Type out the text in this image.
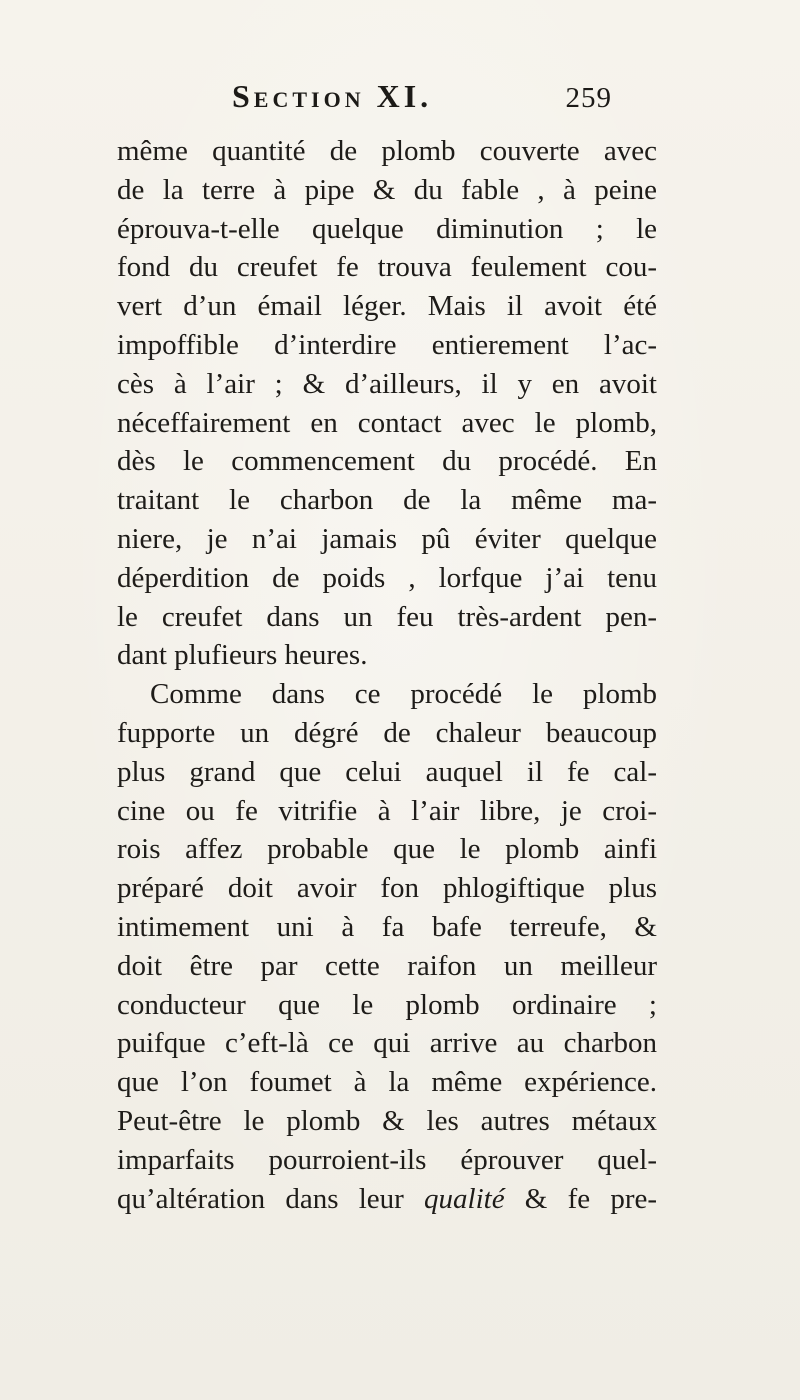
Section XI.	259
même quantité de plomb couverte avec
de la terre à pipe & du fable , à peine
éprouva-t-elle quelque diminution ; le
fond du creufet fe trouva feulement cou-
vert d’un émail léger. Mais il avoit été
impoffible d’interdire entierement l’ac-
cès à l’air ; & d’ailleurs, il y en avoit
néceffairement en contact avec le plomb,
dès le commencement du procédé. En
traitant le charbon de la même ma-
niere, je n’ai jamais pû éviter quelque
déperdition de poids , lorfque j’ai tenu
le creufet dans un feu très-ardent pen-
dant plufieurs heures.
Comme dans ce procédé le plomb
fupporte un dégré de chaleur beaucoup
plus grand que celui auquel il fe cal-
cine ou fe vitrifie à l’air libre, je croi-
rois affez probable que le plomb ainfi
préparé doit avoir fon phlogiftique plus
intimement uni à fa bafe terreufe, &
doit être par cette raifon un meilleur
conducteur que le plomb ordinaire ;
puifque c’eft-là ce qui arrive au charbon
que l’on foumet à la même expérience.
Peut-être le plomb & les autres métaux
imparfaits pourroient-ils éprouver quel-
qu’altération dans leur qualité & fe pre-
